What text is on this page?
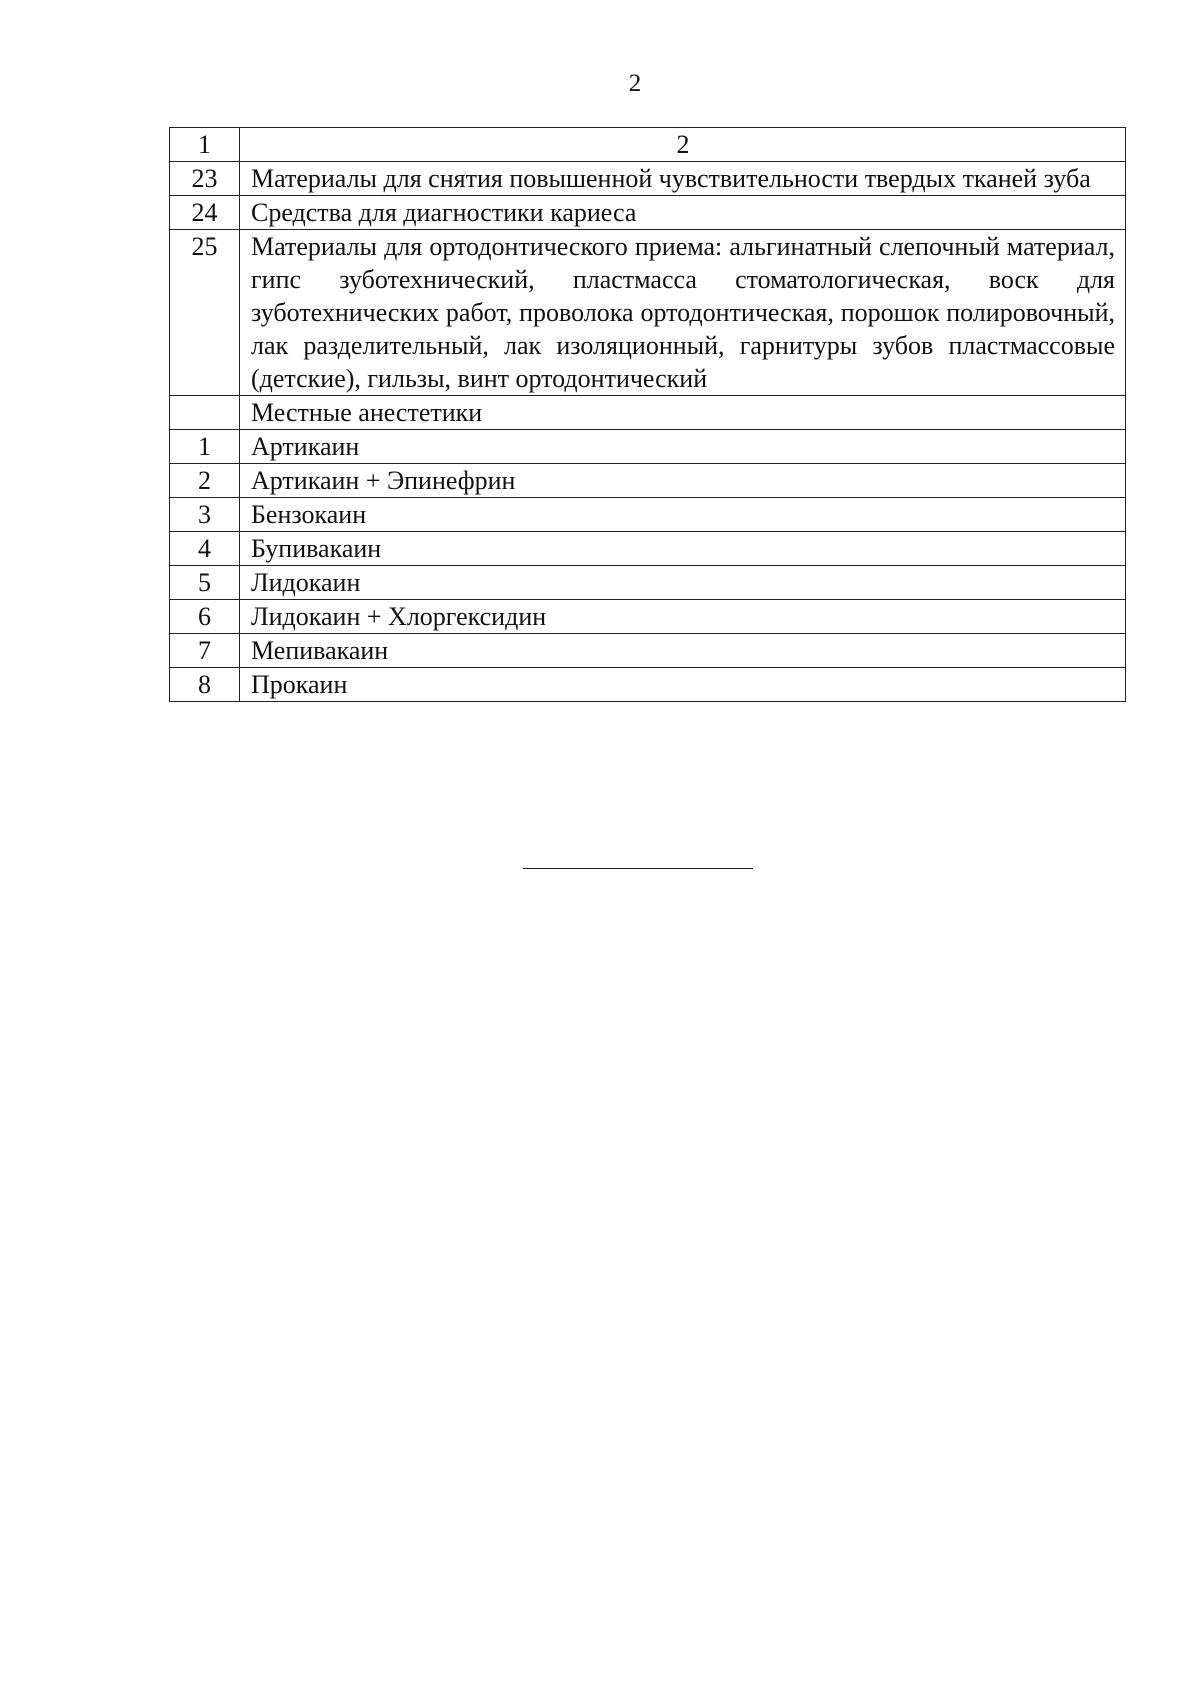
2
1	2
23	Материалы для снятия повышенной чувствительности твердых тканей зуба
24	Средства для диагностики кариеса
25	Материалы для ортодонтического приема: альгинатный слепочный материал, гипс зуботехнический, пластмасса стоматологическая, воск для зуботехнических работ, проволока ортодонтическая, порошок полировочный, лак разделительный, лак изоляционный, гарнитуры зубов пластмассовые (детские), гильзы, винт ортодонтический
	Местные анестетики
1	Артикаин
2	Артикаин + Эпинефрин
3	Бензокаин
4	Бупивакаин
5	Лидокаин
6	Лидокаин + Хлоргексидин
7	Мепивакаин
8	Прокаин
